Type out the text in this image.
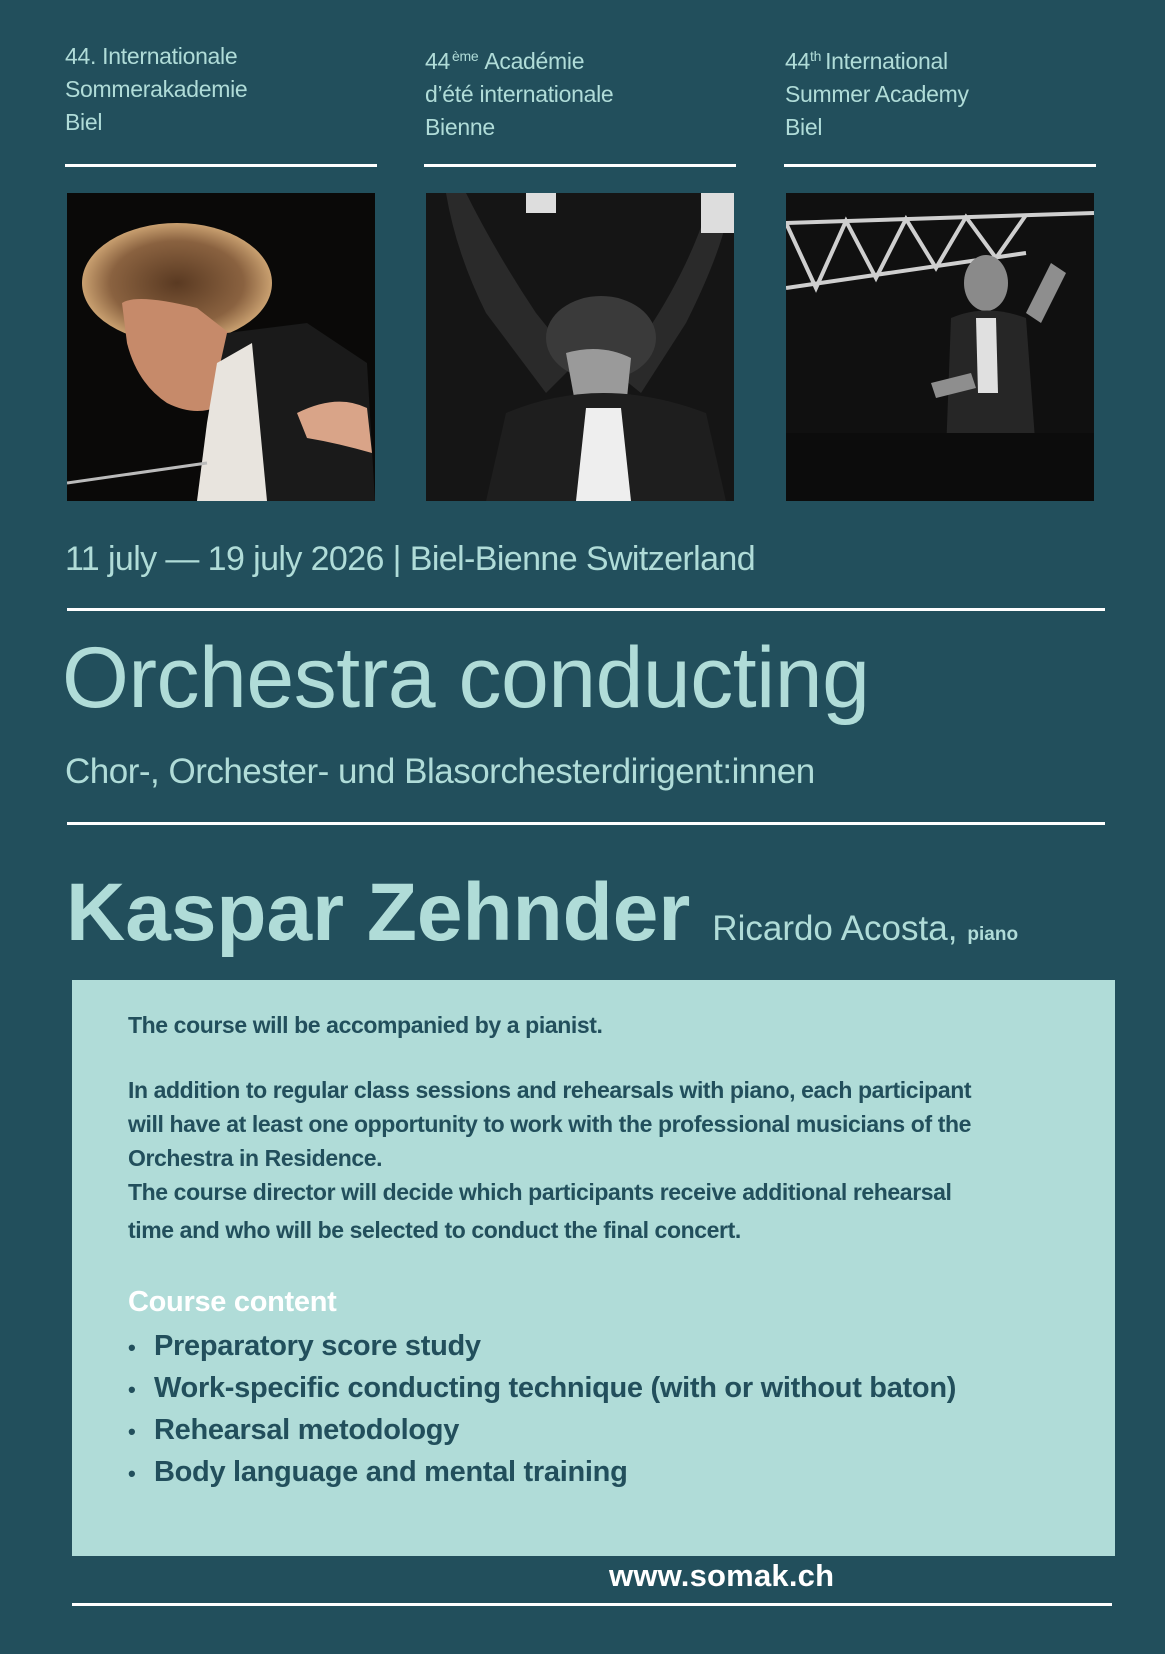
44. Internationale
Sommerakademie
Biel
44 $^{ème}$ Académie
d’été internationale
Bienne
44th International
Summer Academy
Biel
11 july — 19 july 2026 | Biel-Bienne Switzerland
Orchestra conducting
Chor-, Orchester- und Blasorchesterdirigent:innen
Kaspar Zehnder Ricardo Acosta, piano
The course will be accompanied by a pianist.
In addition to regular class sessions and rehearsals with piano, each participant
will have at least one opportunity to work with the professional musicians of the
Orchestra in Residence.
The course director will decide which participants receive additional rehearsal
time and who will be selected to conduct the final concert.
Course content
• Preparatory score study
• Work-specific conducting technique (with or without baton)
• Rehearsal metodology
• Body language and mental training
www.somak.ch
